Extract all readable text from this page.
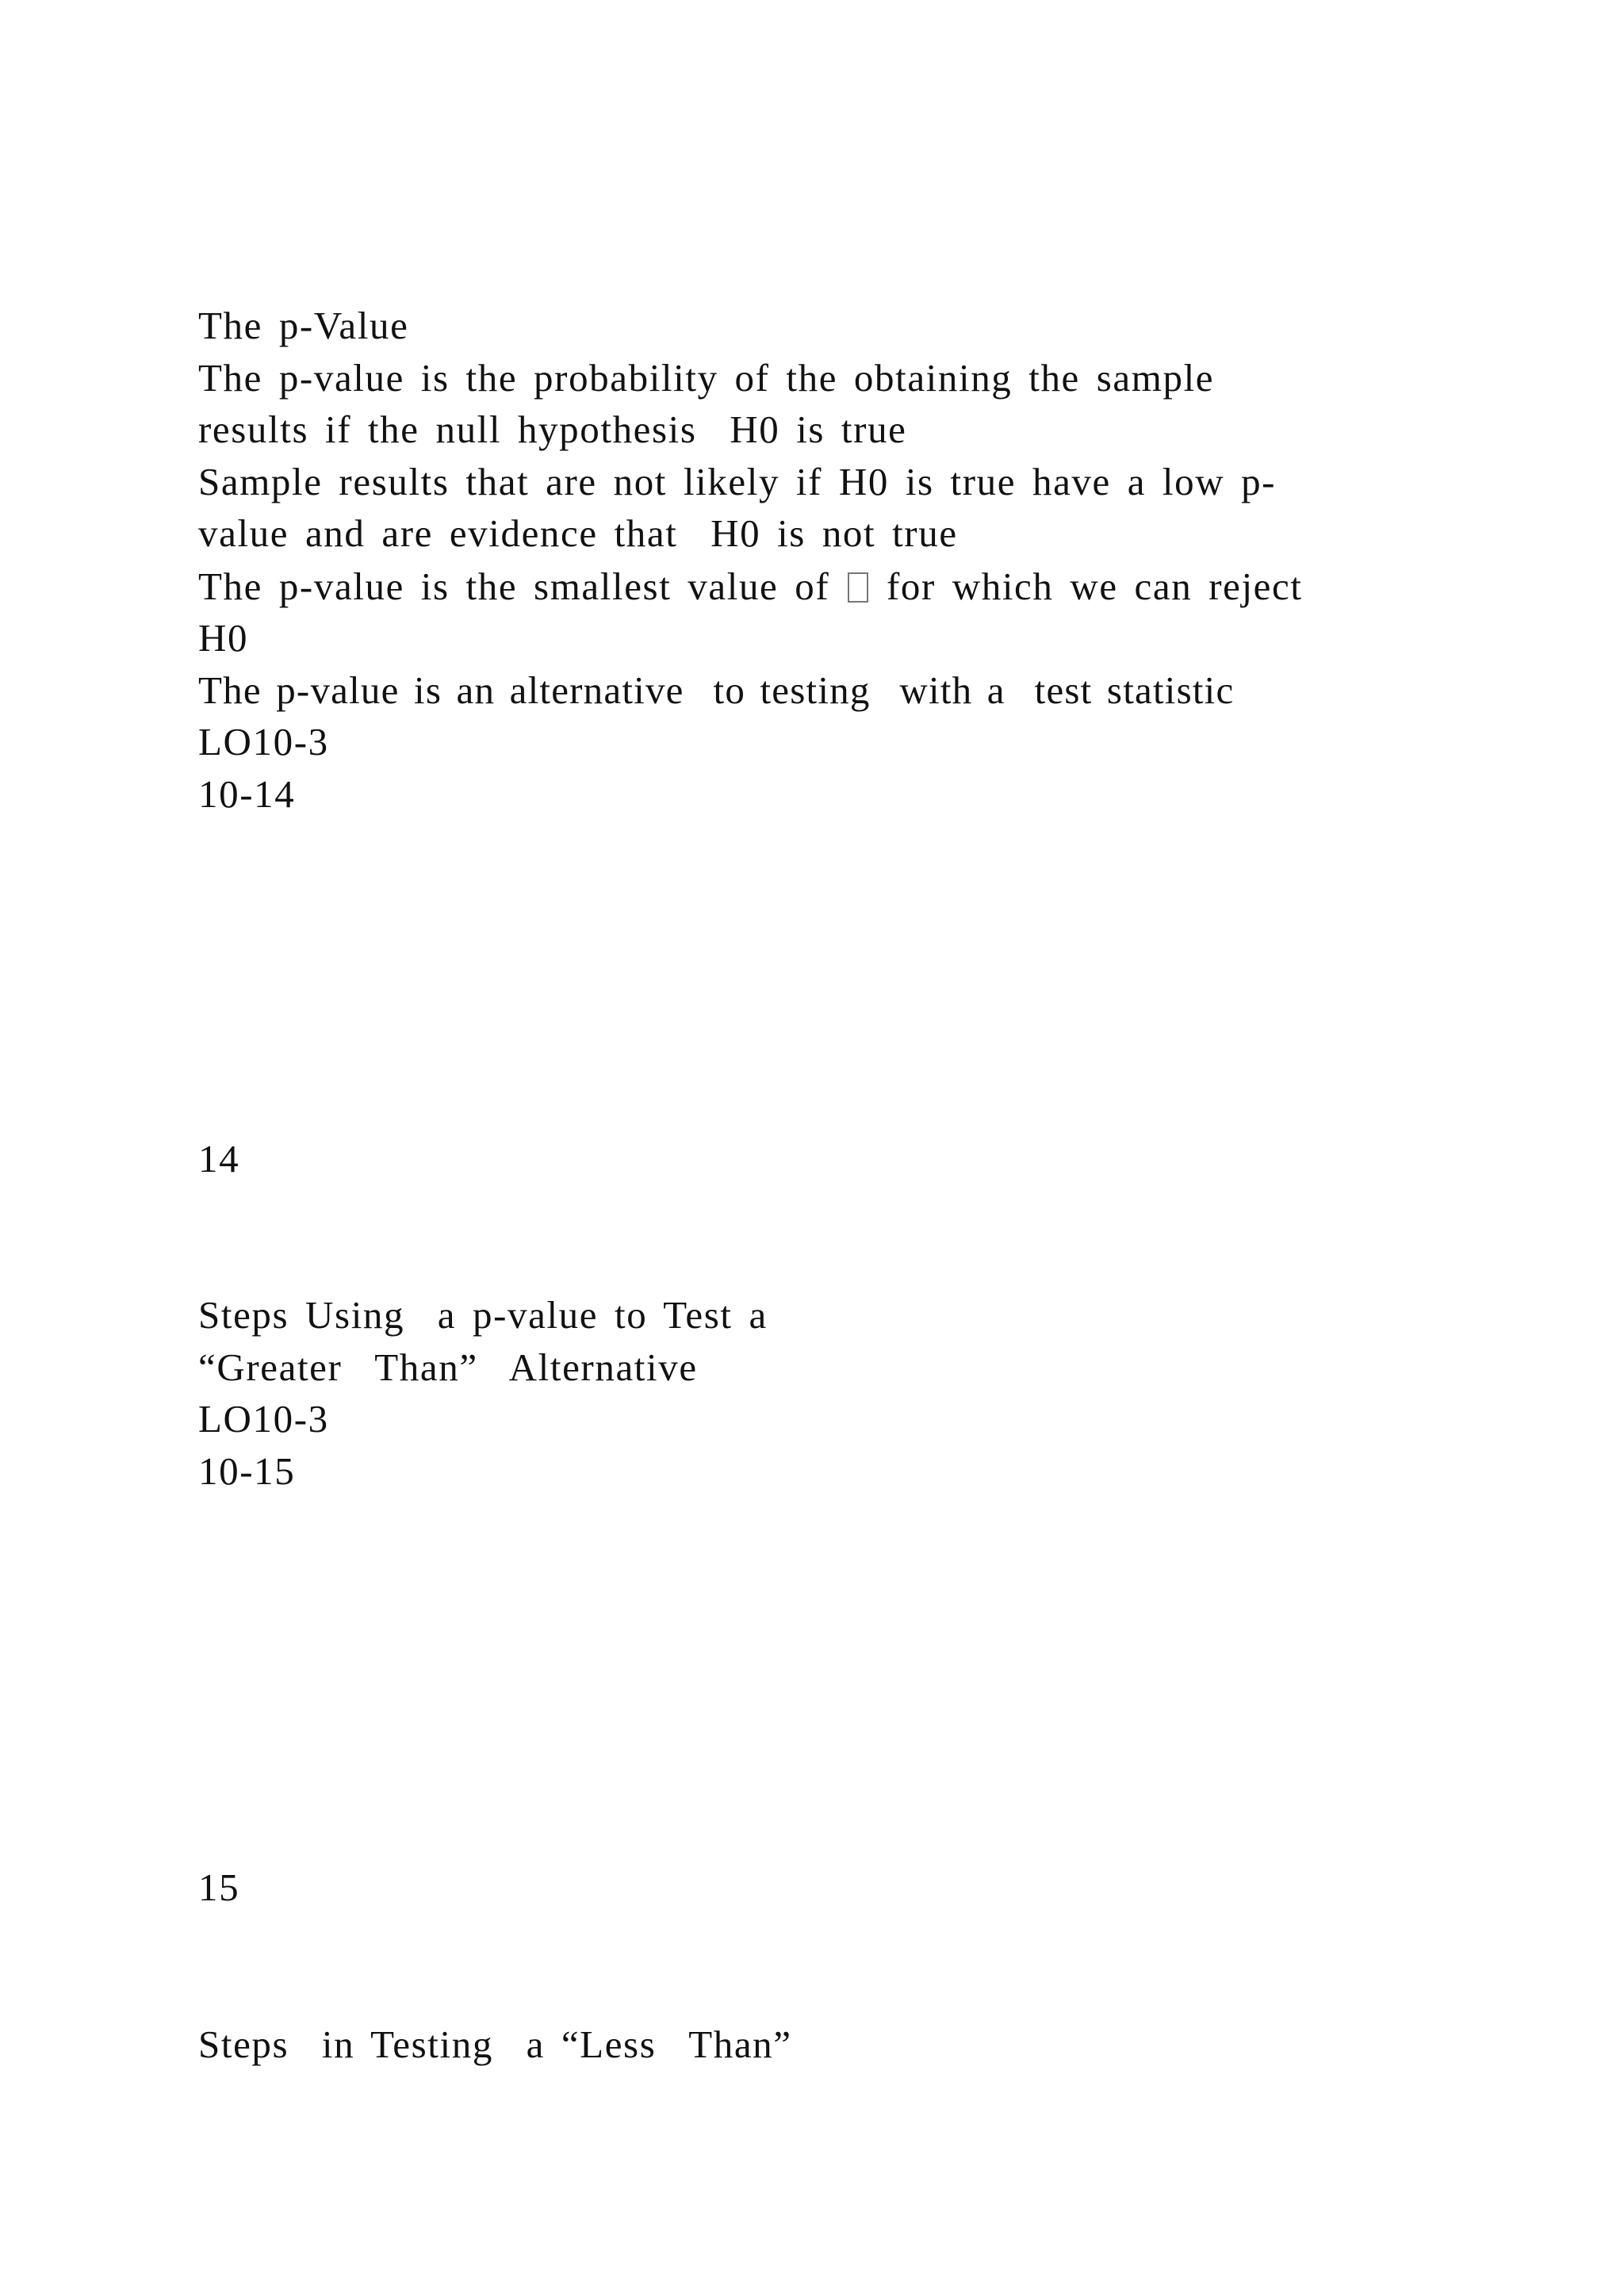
The p-Value
The p-value is the probability of the obtaining the sample
results if the null hypothesis  H0 is true
Sample results that are not likely if H0 is true have a low p-
value and are evidence that  H0 is not true
The p-value is the smallest value of  for which we can reject
H0
The p-value is an alternative  to testing  with a  test statistic
LO10-3
10-14
14
Steps Using  a p-value to Test a
“Greater  Than”  Alternative
LO10-3
10-15
15
Steps  in Testing  a “Less  Than”
